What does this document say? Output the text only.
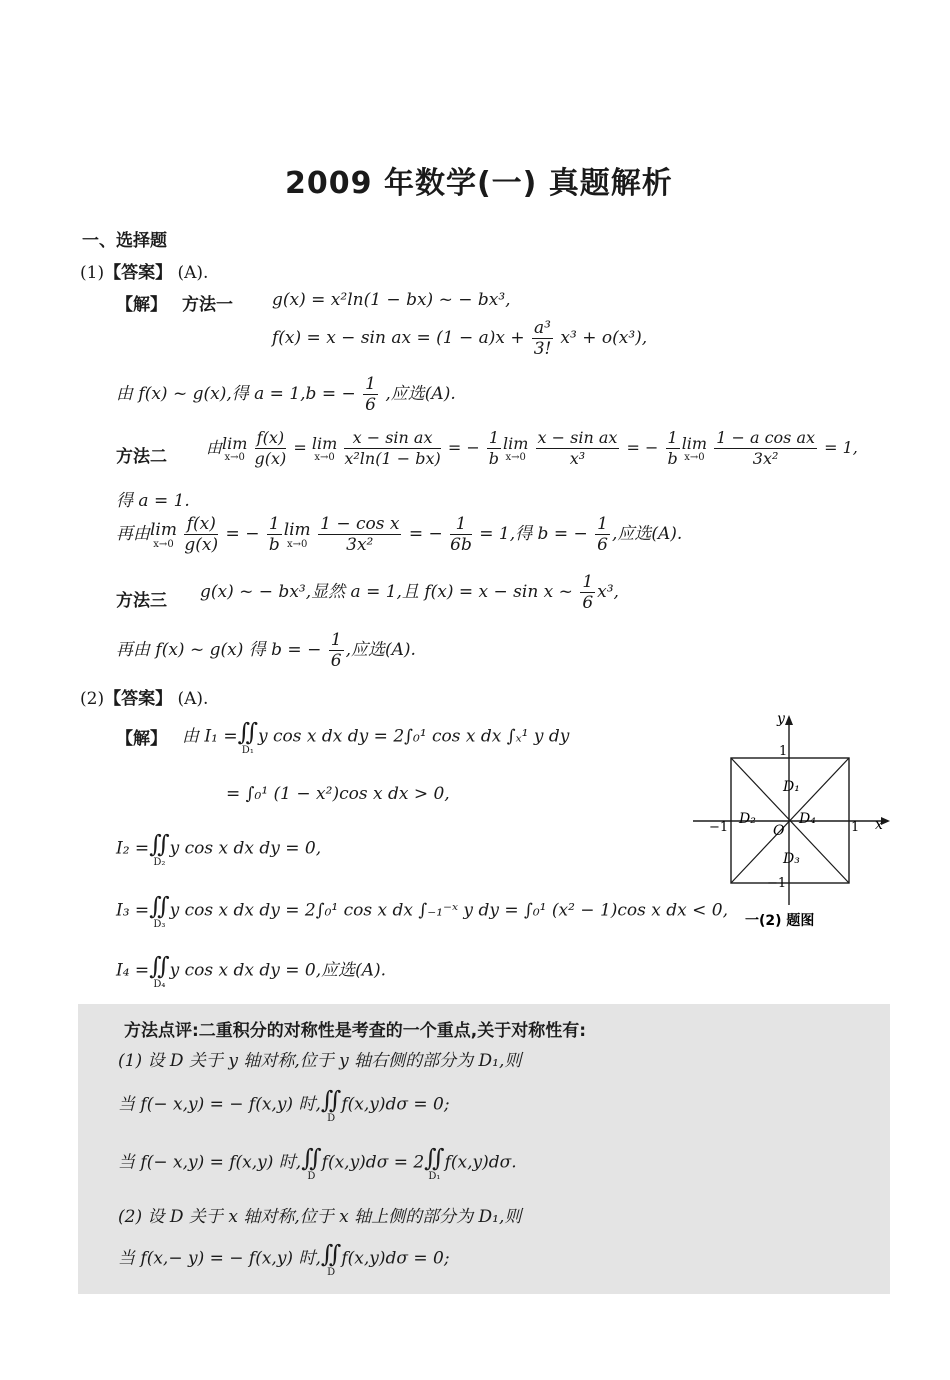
2009 年数学(一) 真题解析
一、选择题
(1)【答案】 (A).
【解】 方法一 g(x) = x²ln(1 − bx) ~ − bx³,
f(x) = x − sin ax = $(1 - a)x + \frac{\text{a³}}{3!} x^3 + o(x^3)$,
由 f(x) ~ g(x),得 a = 1,b = − $\frac{1}{6}$ ,应选(A).
方法二 由lim
x→0
$\frac{f(x)}{g(x)} = \lim$
x→0
$\frac{\text{x − sin ax}}{\text{x²ln(1 − bx)}}$ = − $\frac{1}{b}$ lim
x→0
$\frac{\text{x − sin ax}}{\text{x³}}$ = − $\frac{1}{b}$ lim
x→0
$\frac{\text{1 − a cos ax}}{\text{3x²}} = 1$,
得 a = 1.
再由lim
x→0
$\frac{f(x)}{g(x)}$ = − $\frac{1}{b}$ lim
x→0
$\frac{\text{1 − cos x}}{\text{3x²}}$ = − $\frac{1}{6b} = 1$,得 b = − $\frac{1}{6}$ ,应选(A).
方法三 g(x) ~ − bx³,显然 a = 1,且 f(x) = x − sin x ~ $\frac{1}{6} x^3$,
再由 f(x) ~ g(x) 得 b = − $\frac{1}{6}$ ,应选(A).
(2)【答案】 (A).
【解】 由 I₁ =∬
D₁
y cos x dx dy = 2∫₀¹ cos x dx ∫ₓ¹ y dy
= ∫₀¹ (1 − x²)cos x dx > 0,
I₂ =∬
D₂
y cos x dx dy = 0,
I₃ =∬
D₃
y cos x dx dy = 2∫₀¹ cos x dx ∫₋₁⁻ˣ y dy = ∫₀¹ (x² − 1)cos x dx < 0,
I₄ =∬
D₄
y cos x dx dy = 0,应选(A).
y
x
1
−1
1
−1	O
D₁
D₂
D₃
D₄
一(2) 题图
方法点评:二重积分的对称性是考查的一个重点,关于对称性有:
(1) 设 D 关于 y 轴对称,位于 y 轴右侧的部分为 D₁,则
当 f(− x,y) = − f(x,y) 时,∬
D
f(x,y)dσ = 0;
当 f(− x,y) = f(x,y) 时,∬
D
f(x,y)dσ = 2∬
D₁
f(x,y)dσ.
(2) 设 D 关于 x 轴对称,位于 x 轴上侧的部分为 D₁,则
当 f(x,− y) = − f(x,y) 时,∬
D
f(x,y)dσ = 0;
